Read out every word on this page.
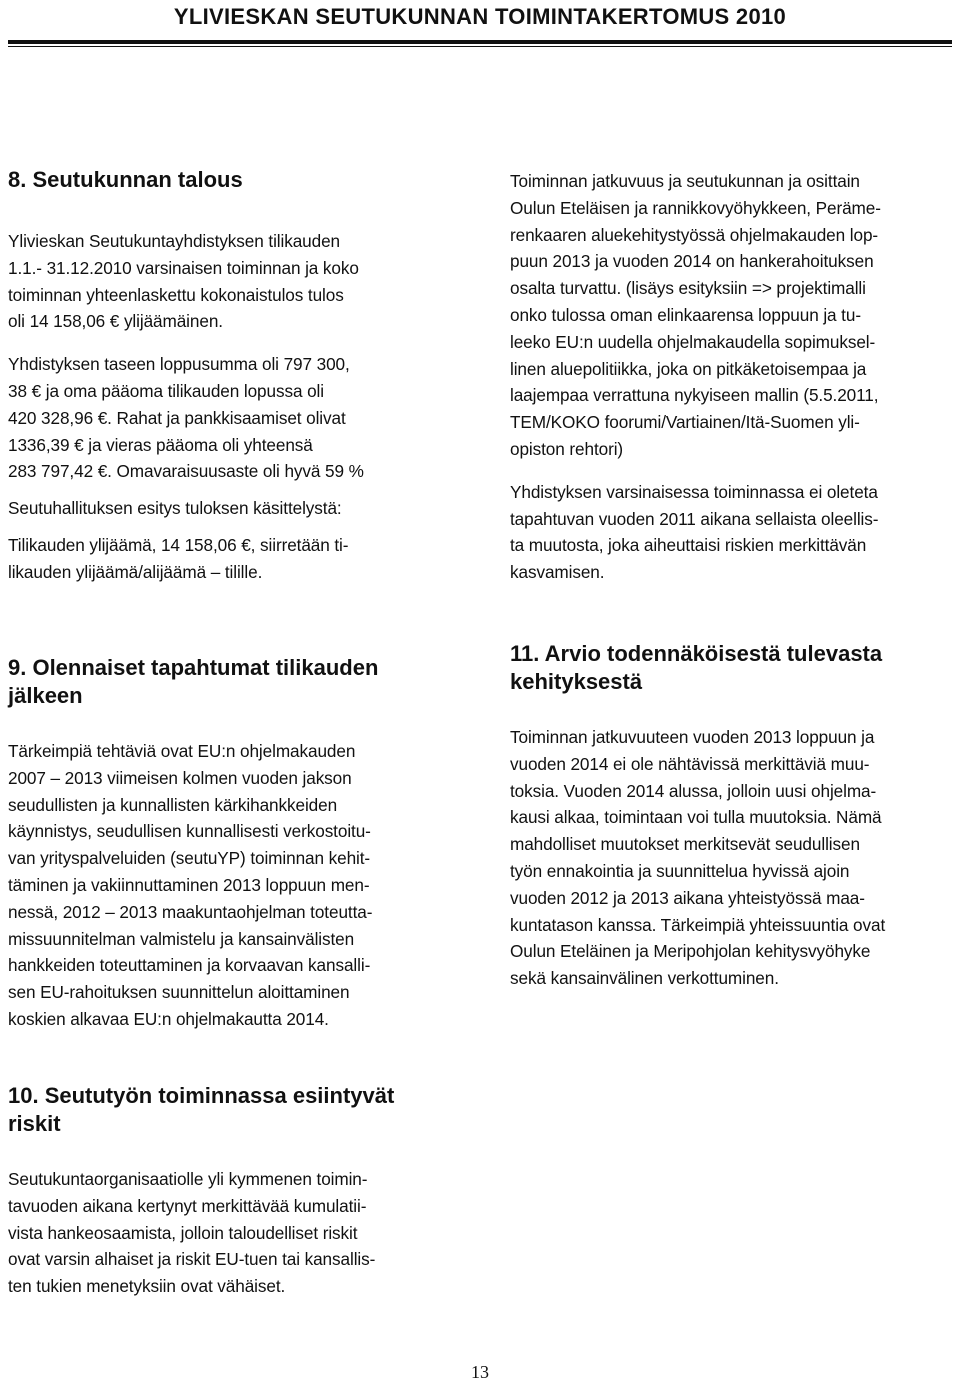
YLIVIESKAN SEUTUKUNNAN TOIMINTAKERTOMUS 2010
8. Seutukunnan talous

Ylivieskan Seutukuntayhdistyksen tilikauden
1.1.- 31.12.2010 varsinaisen toiminnan ja koko
toiminnan yhteenlaskettu kokonaistulos tulos
oli 14 158,06 € ylijäämäinen.

Yhdistyksen taseen loppusumma oli 797 300,
38 € ja oma pääoma tilikauden lopussa oli
420 328,96 €. Rahat ja pankkisaamiset olivat
1336,39 € ja vieras pääoma oli yhteensä
283 797,42 €. Omavaraisuusaste oli hyvä 59 %

Seutuhallituksen esitys tuloksen käsittelystä:

Tilikauden ylijäämä, 14 158,06 €, siirretään ti-
likauden ylijäämä/alijäämä – tilille.

Toiminnan jatkuvuus ja seutukunnan ja osittain
Oulun Eteläisen ja rannikkovyöhykkeen, Perämе-
renkaaren aluekehitystyössä ohjelmakauden lop-
puun 2013 ja vuoden 2014 on hankerahoituksen
osalta turvattu. (lisäys esityksiin => projektimalli
onko tulossa oman elinkaarensa loppuun ja tu-
leeko EU:n uudella ohjelmakaudella sopimuksel-
linen aluepolitiikka, joka on pitkäketoisempaa ja
laajempaa verrattuna nykyiseen mallin (5.5.2011,
TEM/KOKO foorumi/Vartiainen/Itä-Suomen yli-
opiston rehtori)

Yhdistyksen varsinaisessa toiminnassa ei oleteta
tapahtuvan vuoden 2011 aikana sellaista oleellis-
ta muutosta, joka aiheuttaisi riskien merkittävän
kasvamisen.

9. Olennaiset tapahtumat tilikauden
jälkeen

Tärkeimpiä tehtäviä ovat EU:n ohjelmakauden
2007 – 2013 viimeisen kolmen vuoden jakson
seudullisten ja kunnallisten kärkihankkeiden
käynnistys, seudullisen kunnallisesti verkostoitu-
van yrityspalveluiden (seutuYP) toiminnan kehit-
täminen ja vakiinnuttaminen 2013 loppuun men-
nessä, 2012 – 2013 maakuntaohjelman toteutta-
missuunnitelman valmistelu ja kansainvälisten
hankkeiden toteuttaminen ja korvaavan kansalli-
sen EU-rahoituksen suunnittelun aloittaminen
koskien alkavaa EU:n ohjelmakautta 2014.

11. Arvio todennäköisestä tulevasta
kehityksestä

Toiminnan jatkuvuuteen vuoden 2013 loppuun ja
vuoden 2014 ei ole nähtävissä merkittäviä muu-
toksia. Vuoden 2014 alussa, jolloin uusi ohjelma-
kausi alkaa, toimintaan voi tulla muutoksia. Nämä
mahdolliset muutokset merkitsevät seudullisen
työn ennakointia ja suunnittelua hyvissä ajoin
vuoden 2012 ja 2013 aikana yhteistyössä maa-
kuntatason kanssa. Tärkeimpiä yhteissuuntia ovat
Oulun Eteläinen ja Meripohjolan kehitysvyöhyke
sekä kansainvälinen verkottuminen.

10. Seututyön toiminnassa esiintyvät
riskit

Seutukuntaorganisaatiolle yli kymmenen toimin-
tavuoden aikana kertynyt merkittävää kumulatii-
vista hankeosaamista, jolloin taloudelliset riskit
ovat varsin alhaiset ja riskit EU-tuen tai kansallis-
ten tukien menetyksiin ovat vähäiset.

13
